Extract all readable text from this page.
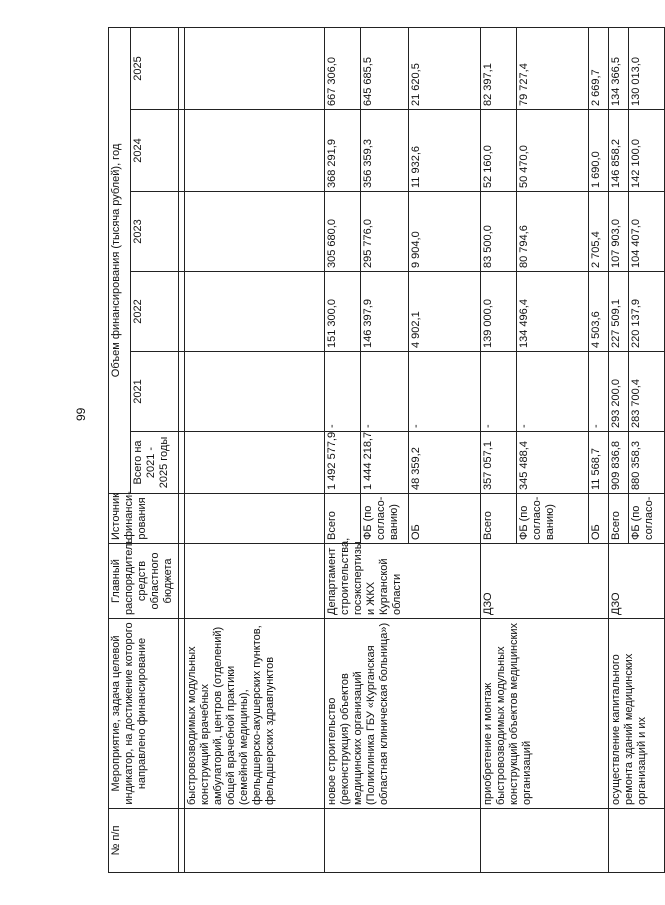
99
№ п/п	Мероприятие, задача целевой индикатор, на достижение которого направлено финансирование	Главный распорядитель средств областного бюджета	Источник финанси-рования	Объем финансирования (тысяча рублей), год					
				Всего на 2021 - 2025 годы	2021	2022	2023	2024	2025

	быстровозводимых модульных конструкций врачебных амбулаторий, центров (отделений) общей врачебной практики (семейной медицины), фельдшерско-акушерских пунктов, фельдшерских здравпунктов								
	новое строительство (реконструкция) объектов медицинских организаций (Поликлиника ГБУ «Курганская областная клиническая больница»)	Департамент строительства, госэкспертизы и ЖКХ Курганской области	Всего	1 492 577,9	-	151 300,0	305 680,0	368 291,9	667 306,0
			ФБ (по согласо-ванию)	1 444 218,7	-	146 397,9	295 776,0	356 359,3	645 685,5
			ОБ	48 359,2	-	4 902,1	9 904,0	11 932,6	21 620,5
	приобретение и монтаж быстровозводимых модульных конструкций объектов медицинских организаций	ДЗО	Всего	357 057,1	-	139 000,0	83 500,0	52 160,0	82 397,1
			ФБ (по согласо-ванию)	345 488,4	-	134 496,4	80 794,6	50 470,0	79 727,4
			ОБ	11 568,7	-	4 503,6	2 705,4	1 690,0	2 669,7
	осуществление капитального ремонта зданий медицинских организаций и их	ДЗО	Всего	909 836,8	293 200,0	227 509,1	107 903,0	146 858,2	134 366,5
			ФБ (по согласо-	880 358,3	283 700,4	220 137,9	104 407,0	142 100,0	130 013,0
